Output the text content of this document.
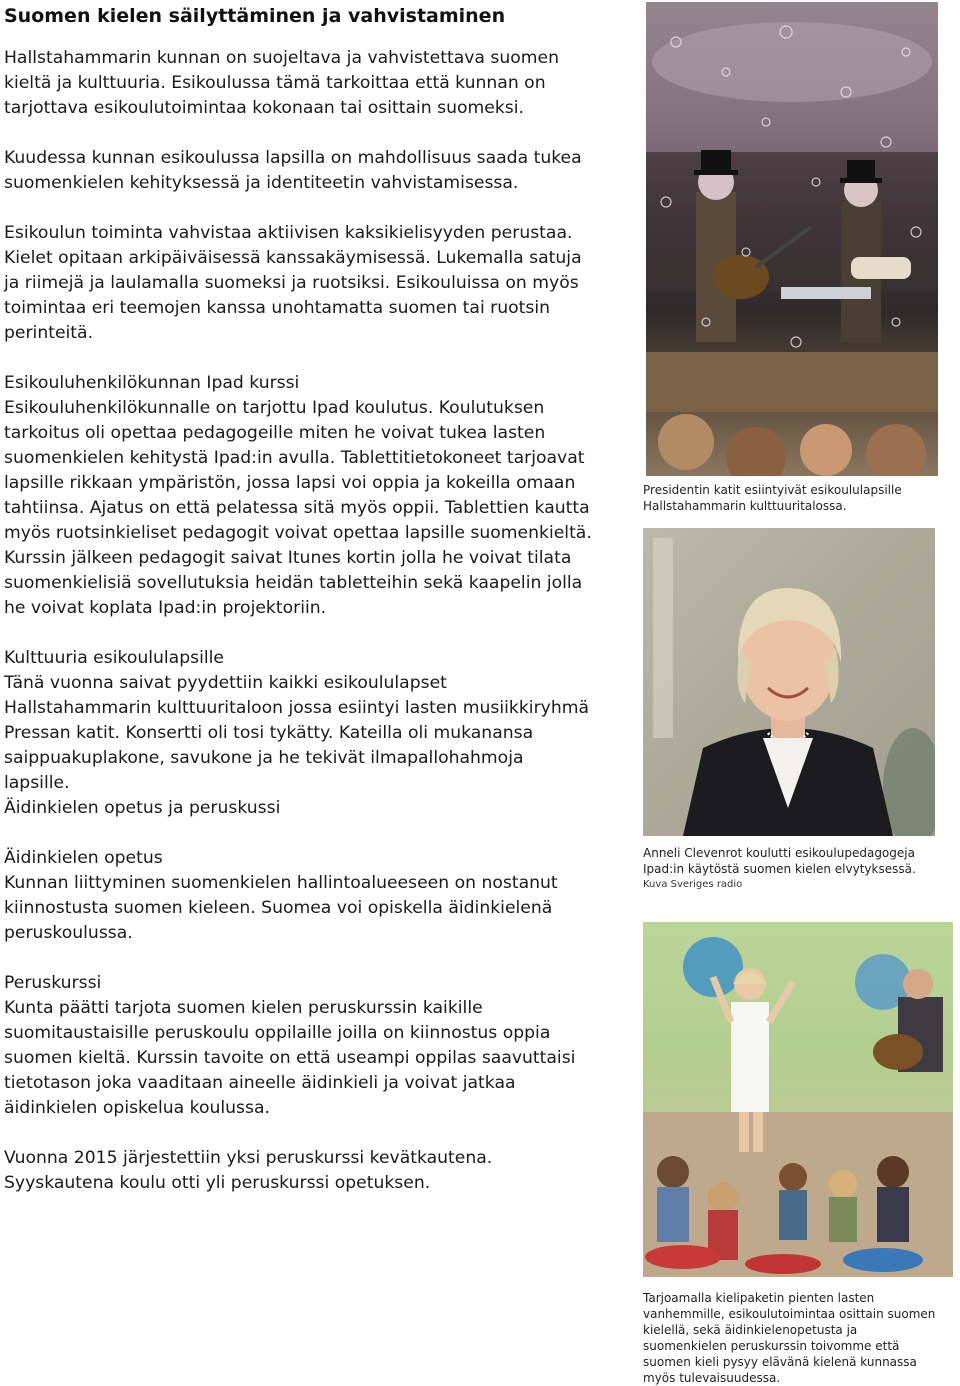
Suomen kielen säilyttäminen ja vahvistaminen

Hallstahammarin kunnan on suojeltava ja vahvistettava suomen kieltä ja kulttuuria. Esikoulussa tämä tarkoittaa että kunnan on tarjottava esikoulutoimintaa kokonaan tai osittain suomeksi.

Kuudessa kunnan esikoulussa lapsilla on mahdollisuus saada tukea suomenkielen kehityksessä ja identiteetin vahvistamisessa.

Esikoulun toiminta vahvistaa aktiivisen kaksikielisyyden perustaa. Kielet opitaan arkipäiväisessä kanssakäymisessä. Lukemalla satuja ja riimejä ja laulamalla suomeksi ja ruotsiksi. Esikouluissa on myös toimintaa eri teemojen kanssa unohtamatta suomen tai ruotsin perinteitä.

Esikouluhenkilökunnan Ipad kurssi

Esikouluhenkilökunnalle on tarjottu Ipad koulutus. Koulutuksen tarkoitus oli opettaa pedagogeille miten he voivat tukea lasten suomenkielen kehitystä Ipad:in avulla. Tablettitietokoneet tarjoavat lapsille rikkaan ympäristön, jossa lapsi voi oppia ja kokeilla omaan tahtiinsa. Ajatus on että pelatessa sitä myös oppii. Tablettien kautta myös ruotsinkieliset pedagogit voivat opettaa lapsille suomenkieltä. Kurssin jälkeen pedagogit saivat Itunes kortin jolla he voivat tilata suomenkielisiä sovellutuksia heidän tabletteihin sekä kaapelin jolla he voivat koplata Ipad:in projektoriin.

Kulttuuria esikoululapsille

Tänä vuonna saivat pyydettiin kaikki esikoululapset Hallstahammarin kulttuuritaloon jossa esiintyi lasten musiikkiryhmä Pressan katit. Konsertti oli tosi tykätty. Kateilla oli mukanansa saippuakuplakone, savukone ja he tekivät ilmapallohahmoja lapsille.

Äidinkielen opetus ja peruskussi

Äidinkielen opetus

Kunnan liittyminen suomenkielen hallintoalueeseen on nostanut kiinnostusta suomen kieleen. Suomea voi opiskella äidinkielenä peruskoulussa.

Peruskurssi

Kunta päätti tarjota suomen kielen peruskurssin kaikille suomitaustaisille peruskoulu oppilaille joilla on kiinnostus oppia suomen kieltä. Kurssin tavoite on että useampi oppilas saavuttaisi tietotason joka vaaditaan aineelle äidinkieli ja voivat jatkaa äidinkielen opiskelua koulussa.

Vuonna 2015 järjestettiin yksi peruskurssi kevätkautena. Syyskautena koulu otti yli peruskurssi opetuksen.

Presidentin katit esiintyivät esikoululapsille Hallstahammarin kulttuuritalossa.
Anneli Clevenrot koulutti esikoulupedagogeja Ipad:in käytöstä suomen kielen elvytyksessä.
Kuva Sveriges radio
Tarjoamalla kielipaketin pienten lasten vanhemmille, esikoulutoimintaa osittain suomen kielellä, sekä äidinkielenopetusta ja suomenkielen peruskurssin toivomme että suomen kieli pysyy elävänä kielenä kunnassa myös tulevaisuudessa.
